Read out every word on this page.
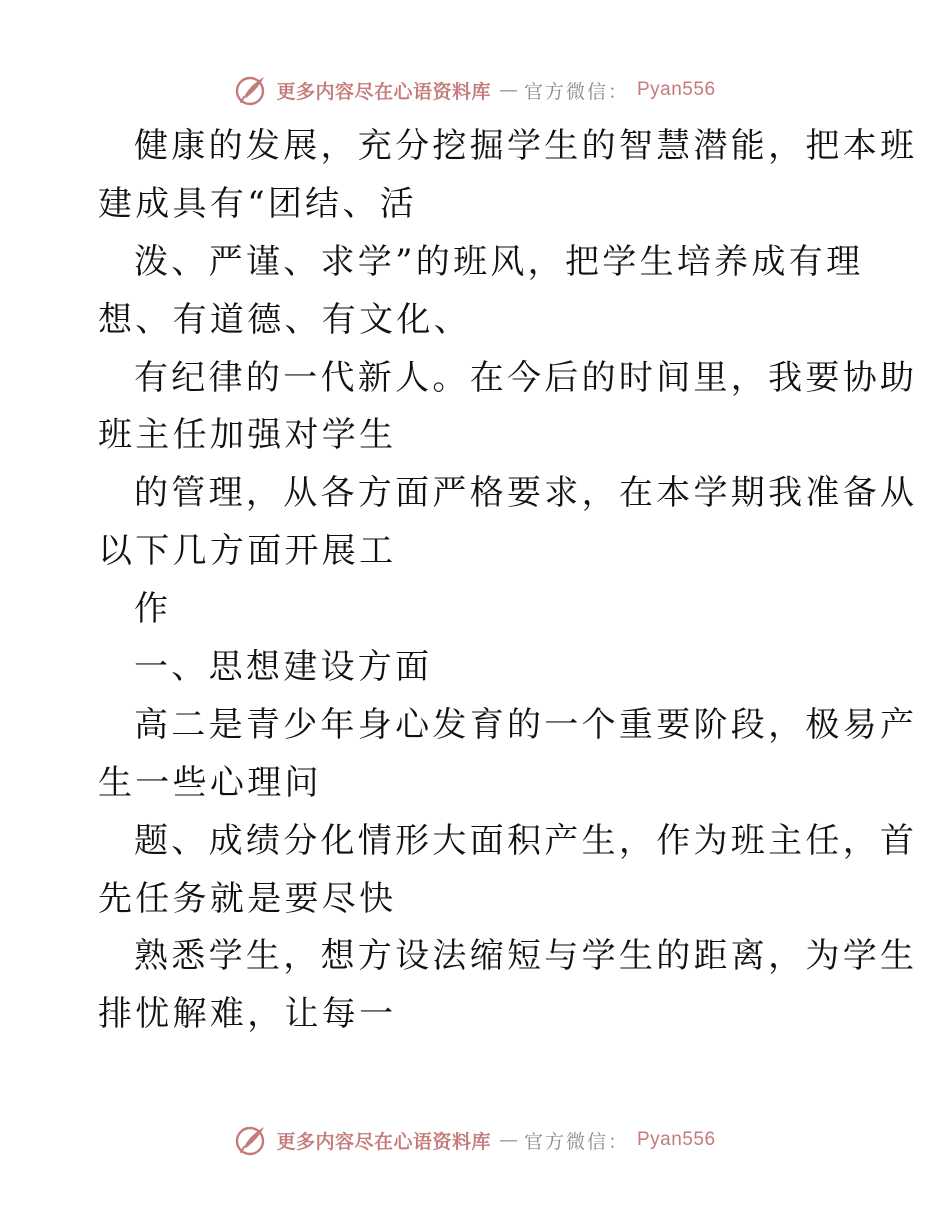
更多内容尽在心语资料库 — 官方微信： Pyan556
健康的发展，充分挖掘学生的智慧潜能，把本班
建成具有“团结、活
泼、严谨、求学”的班风，把学生培养成有理
想、有道德、有文化、
有纪律的一代新人。在今后的时间里，我要协助
班主任加强对学生
的管理，从各方面严格要求，在本学期我准备从
以下几方面开展工
作
一、思想建设方面
高二是青少年身心发育的一个重要阶段，极易产
生一些心理问
题、成绩分化情形大面积产生，作为班主任，首
先任务就是要尽快
熟悉学生，想方设法缩短与学生的距离，为学生
排忧解难，让每一
更多内容尽在心语资料库 — 官方微信： Pyan556
